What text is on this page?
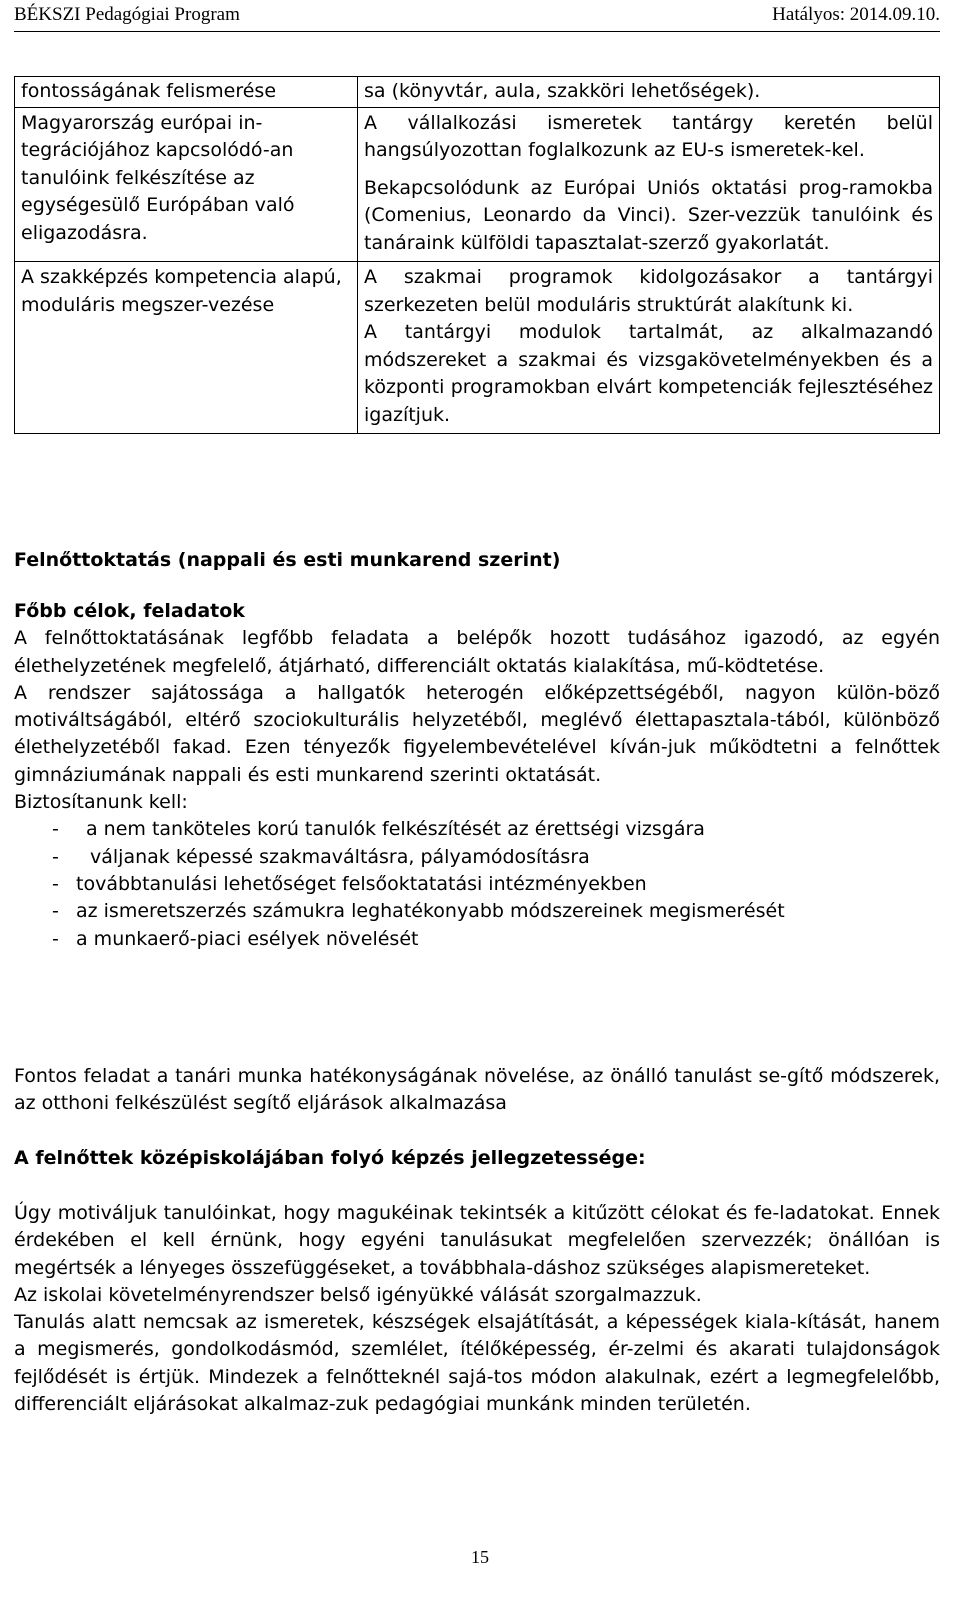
BÉKSZI Pedagógiai Program	Hatályos: 2014.09.10.
fontosságának felismerése	sa (könyvtár, aula, szakköri lehetőségek).

Magyarország európai in-tegrációjához kapcsolódó-an tanulóink felkészítése az egységesülő Európában való eligazodásra.	A vállalkozási ismeretek tantárgy keretén belül hangsúlyozottan foglalkozunk az EU-s ismeretek-kel.
Bekapcsolódunk az Európai Uniós oktatási prog-ramokba (Comenius, Leonardo da Vinci). Szer-vezzük tanulóink és tanáraink külföldi tapasztalat-szerző gyakorlatát.

A szakképzés kompetencia alapú, moduláris megszer-vezése	A szakmai programok kidolgozásakor a tantárgyi szerkezeten belül moduláris struktúrát alakítunk ki.
A tantárgyi modulok tartalmát, az alkalmazandó módszereket a szakmai és vizsgakövetelményekben és a központi programokban elvárt kompetenciák fejlesztéséhez igazítjuk.
Felnőttoktatás (nappali és esti munkarend szerint)
Főbb célok, feladatok

A felnőttoktatásának legfőbb feladata a belépők hozott tudásához igazodó, az egyén élethelyzetének megfelelő, átjárható, differenciált oktatás kialakítása, mű-ködtetése.

A rendszer sajátossága a hallgatók heterogén előképzettségéből, nagyon külön-böző motiváltságából, eltérő szociokulturális helyzetéből, meglévő élettapasztala-tából, különböző élethelyzetéből fakad. Ezen tényezők figyelembevételével kíván-juk működtetni a felnőttek gimnáziumának nappali és esti munkarend szerinti oktatását.

Biztosítanunk kell:

- a nem tanköteles korú tanulók felkészítését az érettségi vizsgára
- váljanak képessé szakmaváltásra, pályamódosításra
- továbbtanulási lehetőséget felsőoktatatási intézményekben
- az ismeretszerzés számukra leghatékonyabb módszereinek megismerését
- a munkaerő-piaci esélyek növelését

Fontos feladat a tanári munka hatékonyságának növelése, az önálló tanulást se-gítő módszerek, az otthoni felkészülést segítő eljárások alkalmazása

A felnőttek középiskolájában folyó képzés jellegzetessége:

Úgy motiváljuk tanulóinkat, hogy magukéinak tekintsék a kitűzött célokat és fe-ladatokat. Ennek érdekében el kell érnünk, hogy egyéni tanulásukat megfelelően szervezzék; önállóan is megértsék a lényeges összefüggéseket, a továbbhala-dáshoz szükséges alapismereteket.

Az iskolai követelményrendszer belső igényükké válását szorgalmazzuk.

Tanulás alatt nemcsak az ismeretek, készségek elsajátítását, a képességek kiala-kítását, hanem a megismerés, gondolkodásmód, szemlélet, ítélőképesség, ér-zelmi és akarati tulajdonságok fejlődését is értjük. Mindezek a felnőtteknél sajá-tos módon alakulnak, ezért a legmegfelelőbb, differenciált eljárásokat alkalmaz-zuk pedagógiai munkánk minden területén.

15
